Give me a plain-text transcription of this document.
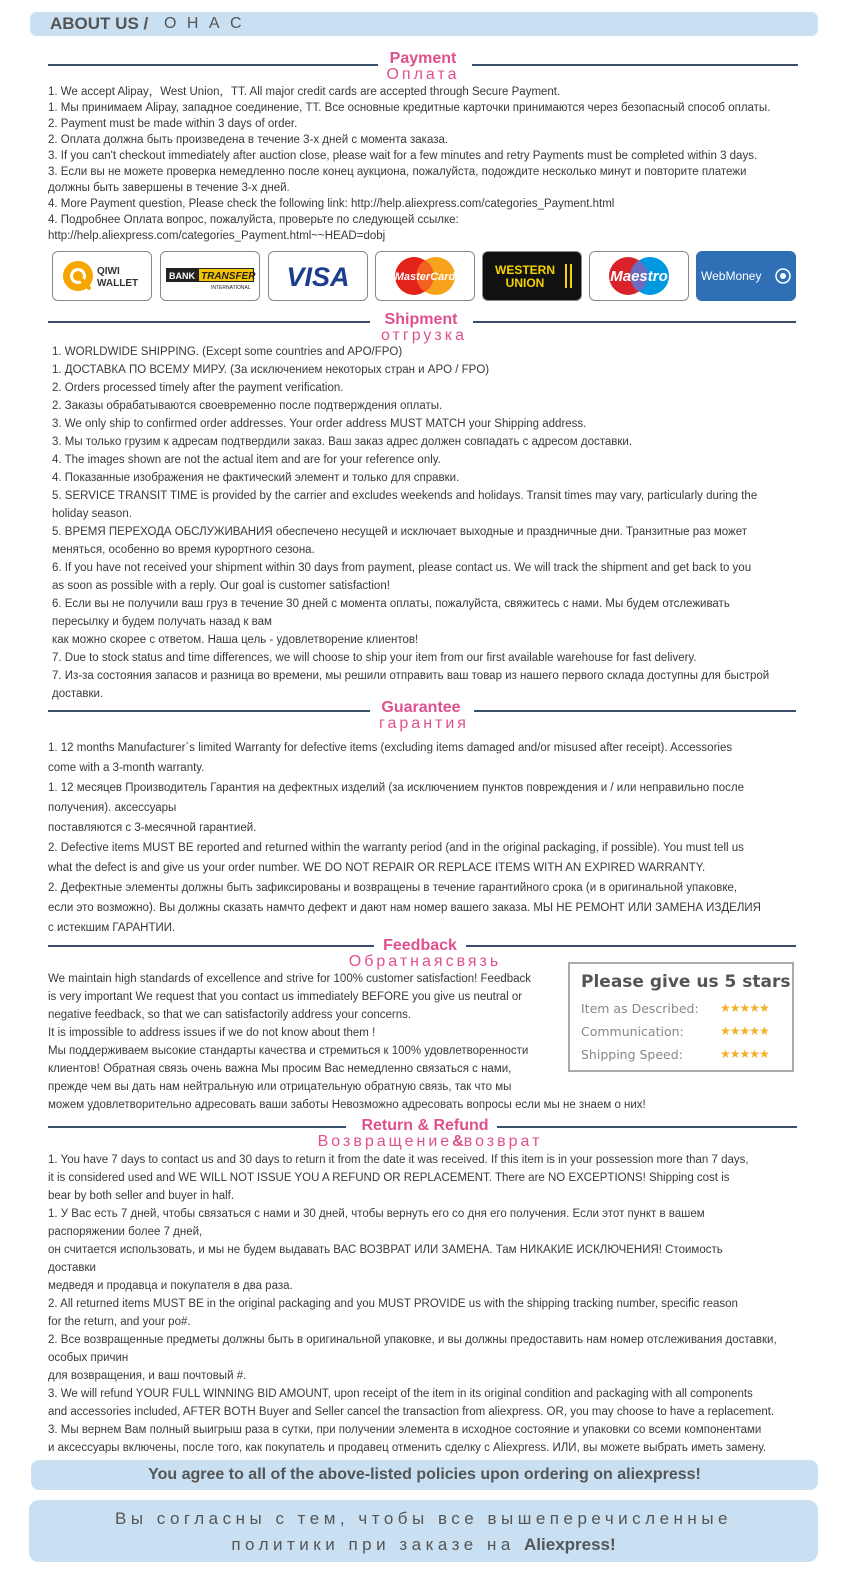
ABOUT US / О Н А С
Payment
Оплата
1. We accept Alipay，West Union，TT. All major credit cards are accepted through Secure Payment.
1. Мы принимаем Alipay, западное соединение, TT. Все основные кредитные карточки принимаются через безопасный способ оплаты.
2. Payment must be made within 3 days of order.
2. Оплата должна быть произведена в течение 3-х дней с момента заказа.
3. If you can't checkout immediately after auction close, please wait for a few minutes and retry Payments must be completed within 3 days.
3. Если вы не можете проверка немедленно после конец аукциона, пожалуйста, подождите несколько минут и повторите платежи
должны быть завершены в течение 3-х дней.
4. More Payment question, Please check the following link: http://help.aliexpress.com/categories_Payment.html
4. Подробнее Оплата вопрос, пожалуйста, проверьте по следующей ссылке:
http://help.aliexpress.com/categories_Payment.html~~HEAD=dobj
QIWI
WALLET
BANK TRANSFER
INTERNATIONAL VISA	MasterCard	WESTERN
UNION	Maestro	WebMoney
Shipment
отгрузка
1. WORLDWIDE SHIPPING. (Except some countries and APO/FPO)
1. ДОСТАВКА ПО ВСЕМУ МИРУ. (За исключением некоторых стран и APO / FPO)
2. Orders processed timely after the payment verification.
2. Заказы обрабатываются своевременно после подтверждения оплаты.
3. We only ship to confirmed order addresses. Your order address MUST MATCH your Shipping address.
3. Мы только грузим к адресам подтвердили заказ. Ваш заказ адрес должен совпадать с адресом доставки.
4. The images shown are not the actual item and are for your reference only.
4. Показанные изображения не фактический элемент и только для справки.
5. SERVICE TRANSIT TIME is provided by the carrier and excludes weekends and holidays. Transit times may vary, particularly during the
holiday season.
5. ВРЕМЯ ПЕРЕХОДА ОБСЛУЖИВАНИЯ обеспечено несущей и исключает выходные и праздничные дни. Транзитные раз может
меняться, особенно во время курортного сезона.
6. If you have not received your shipment within 30 days from payment, please contact us. We will track the shipment and get back to you
as soon as possible with a reply. Our goal is customer satisfaction!
6. Если вы не получили ваш груз в течение 30 дней с момента оплаты, пожалуйста, свяжитесь с нами. Мы будем отслеживать
пересылку и будем получать назад к вам
как можно скорее с ответом. Наша цель - удовлетворение клиентов!
7. Due to stock status and time differences, we will choose to ship your item from our first available warehouse for fast delivery.
7. Из-за состояния запасов и разница во времени, мы решили отправить ваш товар из нашего первого склада доступны для быстрой
доставки.
Guarantee
гарантия
1. 12 months Manufacturer`s limited Warranty for defective items (excluding items damaged and/or misused after receipt). Accessories
come with a 3-month warranty.
1. 12 месяцев Производитель Гарантия на дефектных изделий (за исключением пунктов повреждения и / или неправильно после
получения). аксессуары
поставляются с 3-месячной гарантией.
2. Defective items MUST BE reported and returned within the warranty period (and in the original packaging, if possible). You must tell us
what the defect is and give us your order number. WE DO NOT REPAIR OR REPLACE ITEMS WITH AN EXPIRED WARRANTY.
2. Дефектные элементы должны быть зафиксированы и возвращены в течение гарантийного срока (и в оригинальной упаковке,
если это возможно). Вы должны сказать намчто дефект и дают нам номер вашего заказа. МЫ НЕ РЕМОНТ ИЛИ ЗАМЕНА ИЗДЕЛИЯ
с истекшим ГАРАНТИИ.
Feedback
Обратнаясвязь
We maintain high standards of excellence and strive for 100% customer satisfaction! Feedback
is very important We request that you contact us immediately BEFORE you give us neutral or
negative feedback, so that we can satisfactorily address your concerns.
It is impossible to address issues if we do not know about them !
Мы поддерживаем высокие стандарты качества и стремиться к 100% удовлетворенности
клиентов! Обратная связь очень важна Мы просим Вас немедленно связаться с нами,
прежде чем вы дать нам нейтральную или отрицательную обратную связь, так что мы
можем удовлетворительно адресовать ваши заботы Невозможно адресовать вопросы если мы не знаем о них!
Please give us 5 stars
Item as Described: ★★★★★
Communication:	★★★★★
Shipping Speed:	★★★★★
Return & Refund
Возвращение&возврат
1. You have 7 days to contact us and 30 days to return it from the date it was received. If this item is in your possession more than 7 days,
it is considered used and WE WILL NOT ISSUE YOU A REFUND OR REPLACEMENT. There are NO EXCEPTIONS! Shipping cost is
bear by both seller and buyer in half.
1. У Вас есть 7 дней, чтобы связаться с нами и 30 дней, чтобы вернуть его со дня его получения. Если этот пункт в вашем
распоряжении более 7 дней,
он считается использовать, и мы не будем выдавать ВАС ВОЗВРАТ ИЛИ ЗАМЕНА. Там НИКАКИЕ ИСКЛЮЧЕНИЯ! Стоимость
доставки
медведя и продавца и покупателя в два раза.
2. All returned items MUST BE in the original packaging and you MUST PROVIDE us with the shipping tracking number, specific reason
for the return, and your po#.
2. Все возвращенные предметы должны быть в оригинальной упаковке, и вы должны предоставить нам номер отслеживания доставки,
особых причин
для возвращения, и ваш почтовый #.
3. We will refund YOUR FULL WINNING BID AMOUNT, upon receipt of the item in its original condition and packaging with all components
and accessories included, AFTER BOTH Buyer and Seller cancel the transaction from aliexpress. OR, you may choose to have a replacement.
3. Мы вернем Вам полный выигрыш раза в сутки, при получении элемента в исходное состояние и упаковки со всеми компонентами
и аксессуары включены, после того, как покупатель и продавец отменить сделку с Aliexpress. ИЛИ, вы можете выбрать иметь замену.
You agree to all of the above-listed policies upon ordering on aliexpress!
Вы согласны с тем, чтобы все вышеперечисленные
политики при заказе на Aliexpress!
